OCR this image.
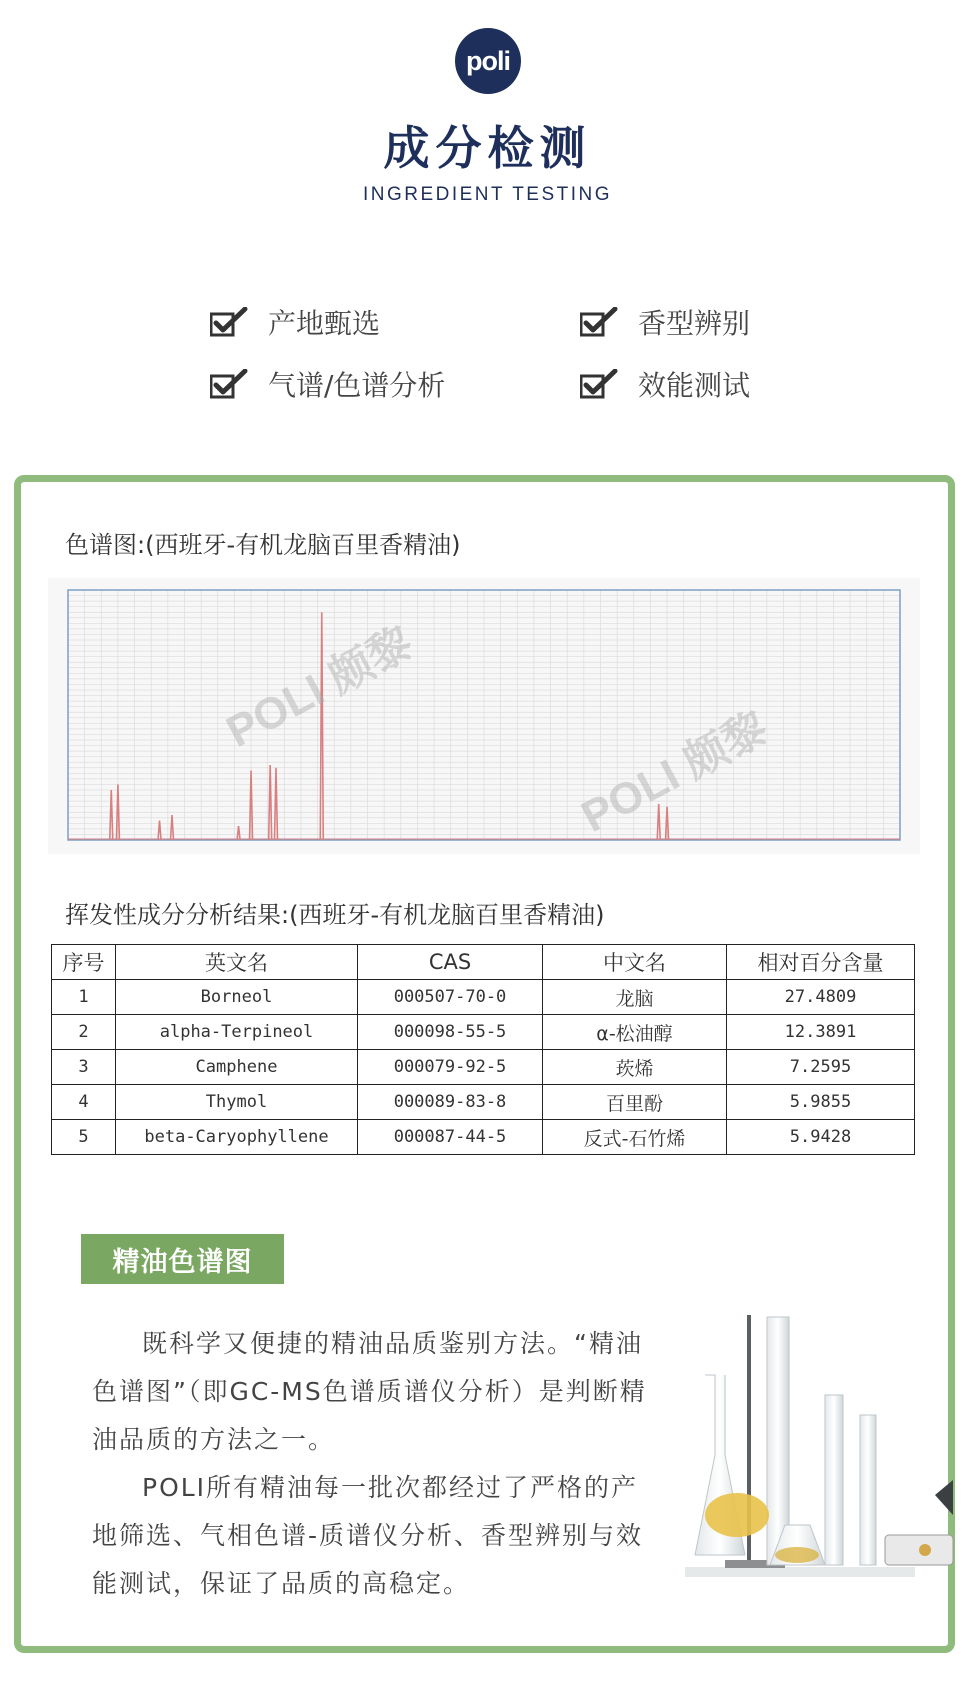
poli
成分检测
INGREDIENT TESTING
产地甄选	香型辨别
气谱/色谱分析	效能测试
色谱图:(西班牙-有机龙脑百里香精油)
POLI 颇黎
POLI 颇黎
挥发性成分分析结果:(西班牙-有机龙脑百里香精油)
序号	英文名	CAS	中文名	相对百分含量
1	Borneol	000507-70-0	龙脑	27.4809
2	alpha-Terpineol	000098-55-5	α-松油醇	12.3891
3	Camphene	000079-92-5	莰烯	7.2595
4	Thymol	000089-83-8	百里酚	5.9855
5	beta-Caryophyllene	000087-44-5	反式-石竹烯	5.9428
精油色谱图

既科学又便捷的精油品质鉴别方法。“精油色谱图”（即GC-MS色谱质谱仪分析）是判断精油品质的方法之一。

POLI所有精油每一批次都经过了严格的产地筛选、气相色谱-质谱仪分析、香型辨别与效能测试，保证了品质的高稳定。
